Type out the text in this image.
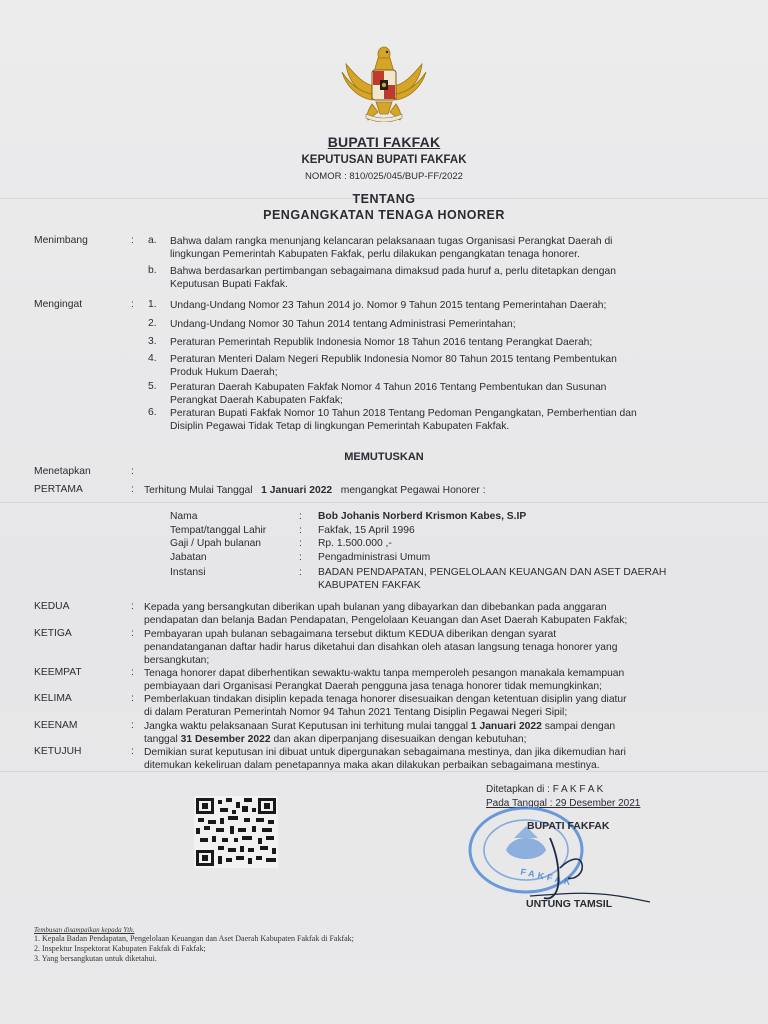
BUPATI FAKFAK
KEPUTUSAN BUPATI FAKFAK
NOMOR : 810/025/045/BUP-FF/2022
TENTANG
PENGANGKATAN TENAGA HONORER
Menimbang	: a. Bahwa dalam rangka menunjang kelancaran pelaksanaan tugas Organisasi Perangkat Daerah di
lingkungan Pemerintah Kabupaten Fakfak, perlu dilakukan pengangkatan tenaga honorer.
b. Bahwa berdasarkan pertimbangan sebagaimana dimaksud pada huruf a, perlu ditetapkan dengan
Keputusan Bupati Fakfak.
Mengingat	: 1. Undang-Undang Nomor 23 Tahun 2014 jo. Nomor 9 Tahun 2015 tentang Pemerintahan Daerah;
2. Undang-Undang Nomor 30 Tahun 2014 tentang Administrasi Pemerintahan;
3. Peraturan Pemerintah Republik Indonesia Nomor 18 Tahun 2016 tentang Perangkat Daerah;
4. Peraturan Menteri Dalam Negeri Republik Indonesia Nomor 80 Tahun 2015 tentang Pembentukan
Produk Hukum Daerah;
5. Peraturan Daerah Kabupaten Fakfak Nomor 4 Tahun 2016 Tentang Pembentukan dan Susunan
Perangkat Daerah Kabupaten Fakfak;
6. Peraturan Bupati Fakfak Nomor 10 Tahun 2018 Tentang Pedoman Pengangkatan, Pemberhentian dan
Disiplin Pegawai Tidak Tetap di lingkungan Pemerintah Kabupaten Fakfak.
MEMUTUSKAN
Menetapkan	:
PERTAMA	: Terhitung Mulai Tanggal 1 Januari 2022 mengangkat Pegawai Honorer :
Nama	: Bob Johanis Norberd Krismon Kabes, S.IP
Tempat/tanggal Lahir	: Fakfak, 15 April 1996
Gaji / Upah bulanan	: Rp. 1.500.000 ,-
Jabatan	: Pengadministrasi Umum
Instansi	: BADAN PENDAPATAN, PENGELOLAAN KEUANGAN DAN ASET DAERAH
KABUPATEN FAKFAK
KEDUA	: Kepada yang bersangkutan diberikan upah bulanan yang dibayarkan dan dibebankan pada anggaran
pendapatan dan belanja Badan Pendapatan, Pengelolaan Keuangan dan Aset Daerah Kabupaten Fakfak;
KETIGA	: Pembayaran upah bulanan sebagaimana tersebut diktum KEDUA diberikan dengan syarat
penandatanganan daftar hadir harus diketahui dan disahkan oleh atasan langsung tenaga honorer yang
bersangkutan;
KEEMPAT	: Tenaga honorer dapat diberhentikan sewaktu-waktu tanpa memperoleh pesangon manakala kemampuan
pembiayaan dari Organisasi Perangkat Daerah pengguna jasa tenaga honorer tidak memungkinkan;
KELIMA	: Pemberlakuan tindakan disiplin kepada tenaga honorer disesuaikan dengan ketentuan disiplin yang diatur
di dalam Peraturan Pemerintah Nomor 94 Tahun 2021 Tentang Disiplin Pegawai Negeri Sipil;
KEENAM	: Jangka waktu pelaksanaan Surat Keputusan ini terhitung mulai tanggal 1 Januari 2022 sampai dengan
tanggal 31 Desember 2022 dan akan diperpanjang disesuaikan dengan kebutuhan;
KETUJUH	: Demikian surat keputusan ini dibuat untuk dipergunakan sebagaimana mestinya, dan jika dikemudian hari
ditemukan kekeliruan dalam penetapannya maka akan dilakukan perbaikan sebagaimana mestinya.
Ditetapkan di : F A K F A K
Pada Tanggal : 29 Desember 2021
FAKFAK
BUPATI FAKFAK
UNTUNG TAMSIL
Tembusan disampaikan kepada Yth.
1. Kepala Badan Pendapatan, Pengelolaan Keuangan dan Aset Daerah Kabupaten Fakfak di Fakfak;
2. Inspektur Inspektorat Kabupaten Fakfak di Fakfak;
3. Yang bersangkutan untuk diketahui.
